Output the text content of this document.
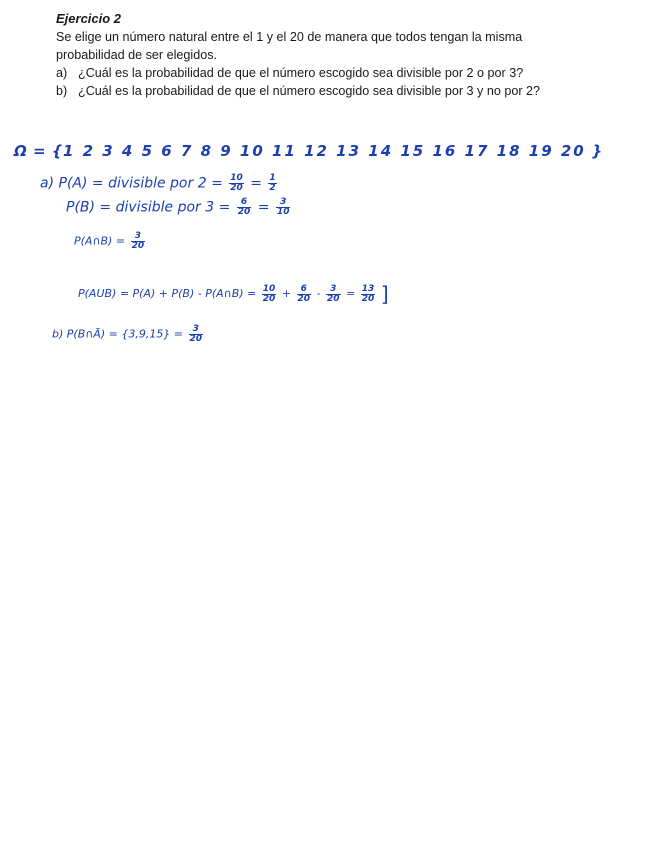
Ejercicio 2
Se elige un número natural entre el 1 y el 20 de manera que todos tengan la misma
probabilidad de ser elegidos.
a) ¿Cuál es la probabilidad de que el número escogido sea divisible por 2 o por 3?
b) ¿Cuál es la probabilidad de que el número escogido sea divisible por 3 y no por 2?
Ω = {1 2 3 4 5 6 7 8 9 10 11 12 13 14 15 16 17 18 19 20 }
a) P(A) = divisible por $2 = \frac{10}{20} = \frac{1}{2}$
P(B) = divisible por $3 = \frac{6}{20} = \frac{3}{10}$
P(A∩B) = $\frac{3}{20}$
P(AUB) = P(A) + P(B) - P(A∩B) = $\frac{10}{20} + \frac{6}{20} - \frac{3}{20} = \frac{13}{20}$ ]
b) P(B∩Ā) = $\{3,9,15\} = \frac{3}{20}$
